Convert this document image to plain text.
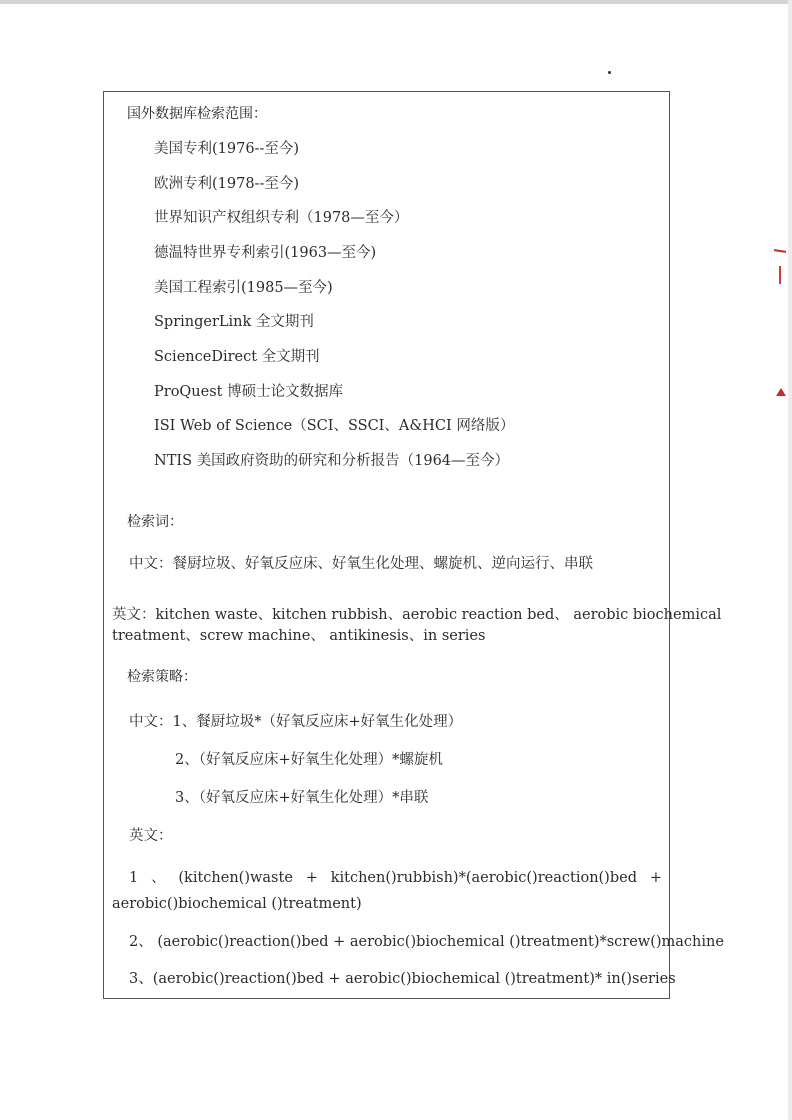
国外数据库检索范围：
美国专利(1976--至今)
欧洲专利(1978--至今)
世界知识产权组织专利（1978—至今）
德温特世界专利索引(1963—至今)
美国工程索引(1985—至今)
SpringerLink 全文期刊
ScienceDirect 全文期刊
ProQuest 博硕士论文数据库
ISI Web of Science（SCI、SSCI、A&HCI 网络版）
NTIS 美国政府资助的研究和分析报告（1964—至今）
检索词：
中文：餐厨垃圾、好氧反应床、好氧生化处理、螺旋机、逆向运行、串联
英文：kitchen waste、kitchen rubbish、aerobic reaction bed、 aerobic biochemical
treatment、screw machine、 antikinesis、in series
检索策略：
中文：1、餐厨垃圾*（好氧反应床+好氧生化处理）
2、（好氧反应床+好氧生化处理）*螺旋机
3、（好氧反应床+好氧生化处理）*串联
英文：
1 、 (kitchen()waste + kitchen()rubbish)*(aerobic()reaction()bed +
aerobic()biochemical ()treatment)
2、 (aerobic()reaction()bed + aerobic()biochemical ()treatment)*screw()machine
3、(aerobic()reaction()bed + aerobic()biochemical ()treatment)* in()series
